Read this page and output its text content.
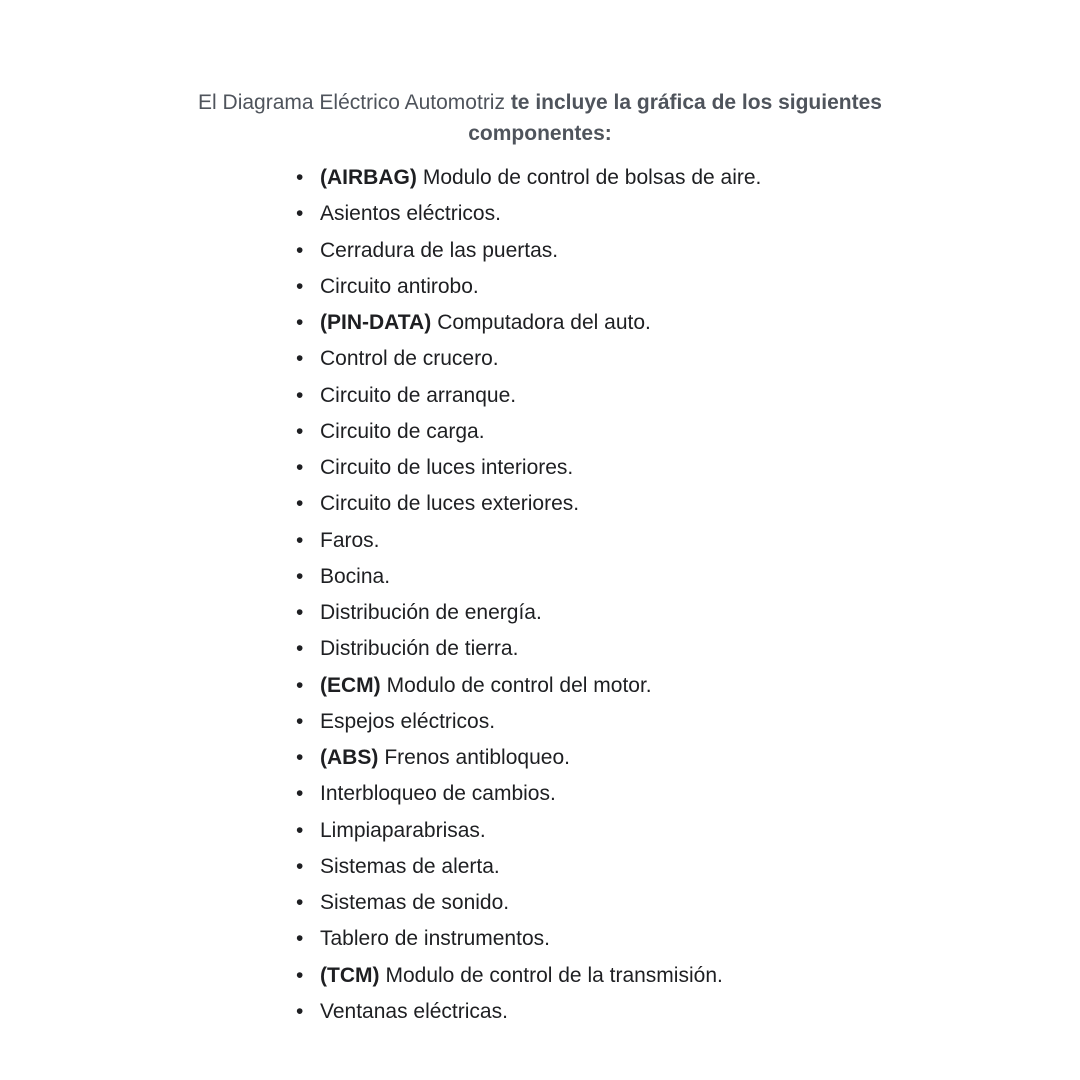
El Diagrama Eléctrico Automotriz te incluye la gráfica de los siguientes componentes:

• (AIRBAG) Modulo de control de bolsas de aire.
• Asientos eléctricos.
• Cerradura de las puertas.
• Circuito antirobo.
• (PIN-DATA) Computadora del auto.
• Control de crucero.
• Circuito de arranque.
• Circuito de carga.
• Circuito de luces interiores.
• Circuito de luces exteriores.
• Faros.
• Bocina.
• Distribución de energía.
• Distribución de tierra.
• (ECM) Modulo de control del motor.
• Espejos eléctricos.
• (ABS) Frenos antibloqueo.
• Interbloqueo de cambios.
• Limpiaparabrisas.
• Sistemas de alerta.
• Sistemas de sonido.
• Tablero de instrumentos.
• (TCM) Modulo de control de la transmisión.
• Ventanas eléctricas.
